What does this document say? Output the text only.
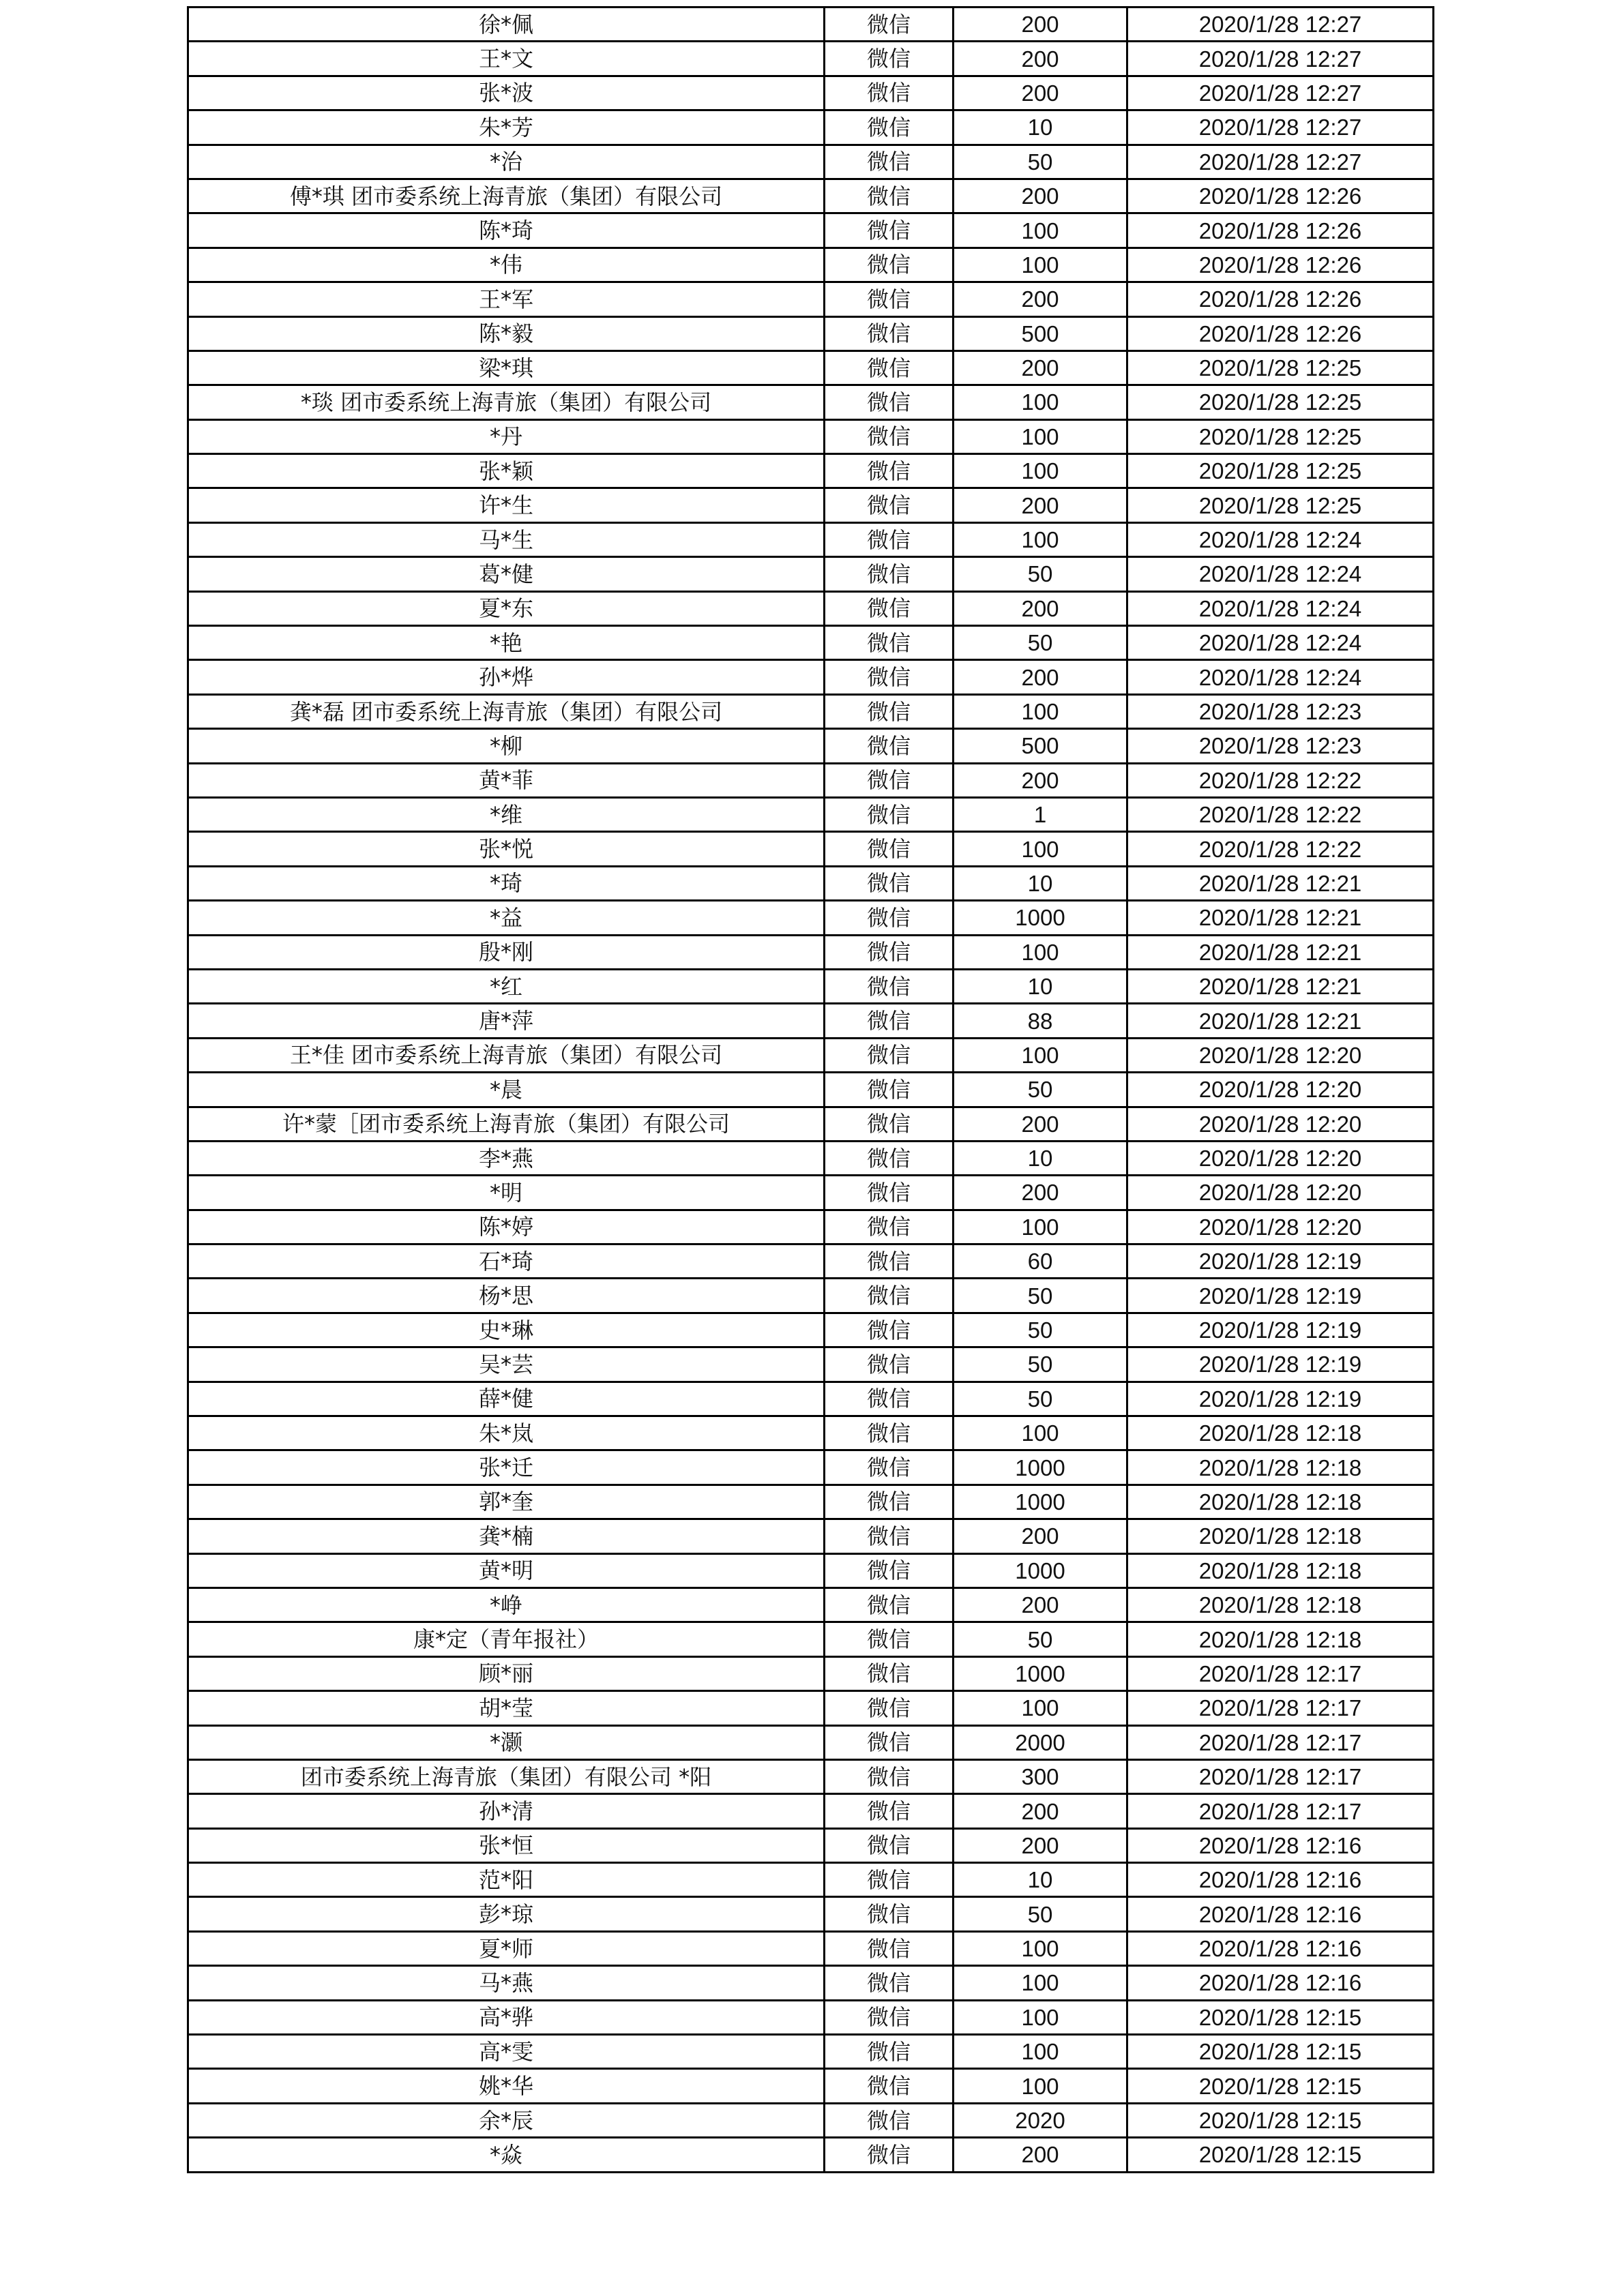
徐*佩	微信	200	2020/1/28 12:27
王*文	微信	200	2020/1/28 12:27
张*波	微信	200	2020/1/28 12:27
朱*芳	微信	10	2020/1/28 12:27
*治	微信	50	2020/1/28 12:27
傅*琪 团市委系统上海青旅（集团）有限公司	微信	200	2020/1/28 12:26
陈*琦	微信	100	2020/1/28 12:26
*伟	微信	100	2020/1/28 12:26
王*军	微信	200	2020/1/28 12:26
陈*毅	微信	500	2020/1/28 12:26
梁*琪	微信	200	2020/1/28 12:25
*琰 团市委系统上海青旅（集团）有限公司	微信	100	2020/1/28 12:25
*丹	微信	100	2020/1/28 12:25
张*颖	微信	100	2020/1/28 12:25
许*生	微信	200	2020/1/28 12:25
马*生	微信	100	2020/1/28 12:24
葛*健	微信	50	2020/1/28 12:24
夏*东	微信	200	2020/1/28 12:24
*艳	微信	50	2020/1/28 12:24
孙*烨	微信	200	2020/1/28 12:24
龚*磊 团市委系统上海青旅（集团）有限公司	微信	100	2020/1/28 12:23
*柳	微信	500	2020/1/28 12:23
黄*菲	微信	200	2020/1/28 12:22
*维	微信	1	2020/1/28 12:22
张*悦	微信	100	2020/1/28 12:22
*琦	微信	10	2020/1/28 12:21
*益	微信	1000	2020/1/28 12:21
殷*刚	微信	100	2020/1/28 12:21
*红	微信	10	2020/1/28 12:21
唐*萍	微信	88	2020/1/28 12:21
王*佳 团市委系统上海青旅（集团）有限公司	微信	100	2020/1/28 12:20
*晨	微信	50	2020/1/28 12:20
许*蒙［团市委系统上海青旅（集团）有限公司	微信	200	2020/1/28 12:20
李*燕	微信	10	2020/1/28 12:20
*明	微信	200	2020/1/28 12:20
陈*婷	微信	100	2020/1/28 12:20
石*琦	微信	60	2020/1/28 12:19
杨*思	微信	50	2020/1/28 12:19
史*琳	微信	50	2020/1/28 12:19
吴*芸	微信	50	2020/1/28 12:19
薛*健	微信	50	2020/1/28 12:19
朱*岚	微信	100	2020/1/28 12:18
张*迁	微信	1000	2020/1/28 12:18
郭*奎	微信	1000	2020/1/28 12:18
龚*楠	微信	200	2020/1/28 12:18
黄*明	微信	1000	2020/1/28 12:18
*峥	微信	200	2020/1/28 12:18
康*定（青年报社）	微信	50	2020/1/28 12:18
顾*丽	微信	1000	2020/1/28 12:17
胡*莹	微信	100	2020/1/28 12:17
*灏	微信	2000	2020/1/28 12:17
团市委系统上海青旅（集团）有限公司 *阳	微信	300	2020/1/28 12:17
孙*清	微信	200	2020/1/28 12:17
张*恒	微信	200	2020/1/28 12:16
范*阳	微信	10	2020/1/28 12:16
彭*琼	微信	50	2020/1/28 12:16
夏*师	微信	100	2020/1/28 12:16
马*燕	微信	100	2020/1/28 12:16
高*骅	微信	100	2020/1/28 12:15
高*雯	微信	100	2020/1/28 12:15
姚*华	微信	100	2020/1/28 12:15
余*辰	微信	2020	2020/1/28 12:15
*焱	微信	200	2020/1/28 12:15
